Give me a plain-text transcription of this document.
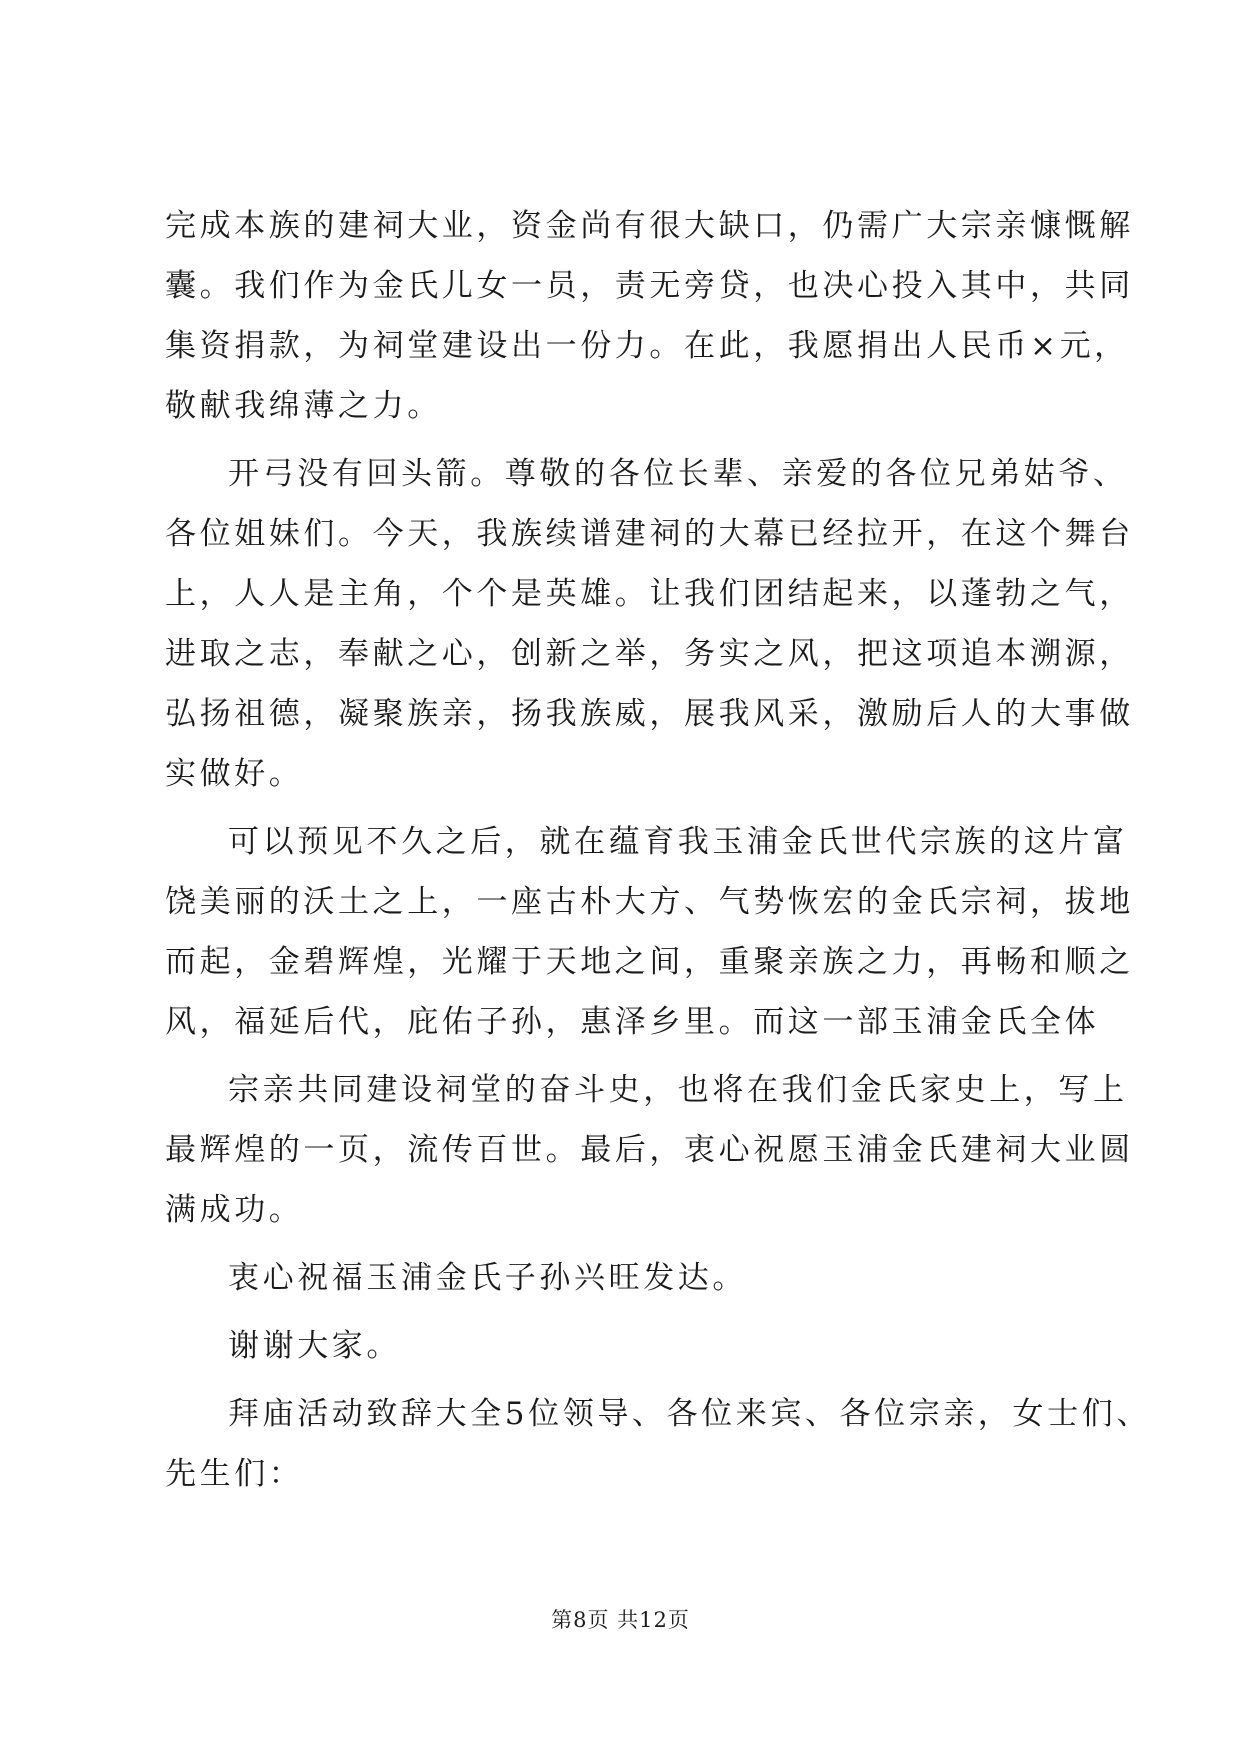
完成本族的建祠大业，资金尚有很大缺口，仍需广大宗亲慷慨解
囊。我们作为金氏儿女一员，责无旁贷，也决心投入其中，共同
集资捐款，为祠堂建设出一份力。在此，我愿捐出人民币×元，
敬献我绵薄之力。
开弓没有回头箭。尊敬的各位长辈、亲爱的各位兄弟姑爷、
各位姐妹们。今天，我族续谱建祠的大幕已经拉开，在这个舞台
上，人人是主角，个个是英雄。让我们团结起来，以蓬勃之气，
进取之志，奉献之心，创新之举，务实之风，把这项追本溯源，
弘扬祖德，凝聚族亲，扬我族威，展我风采，激励后人的大事做
实做好。
可以预见不久之后，就在蕴育我玉浦金氏世代宗族的这片富
饶美丽的沃土之上，一座古朴大方、气势恢宏的金氏宗祠，拔地
而起，金碧辉煌，光耀于天地之间，重聚亲族之力，再畅和顺之
风，福延后代，庇佑子孙，惠泽乡里。而这一部玉浦金氏全体
宗亲共同建设祠堂的奋斗史，也将在我们金氏家史上，写上
最辉煌的一页，流传百世。最后，衷心祝愿玉浦金氏建祠大业圆
满成功。
衷心祝福玉浦金氏子孙兴旺发达。
谢谢大家。
拜庙活动致辞大全5位领导、各位来宾、各位宗亲，女士们、
先生们：
第8页 共12页
